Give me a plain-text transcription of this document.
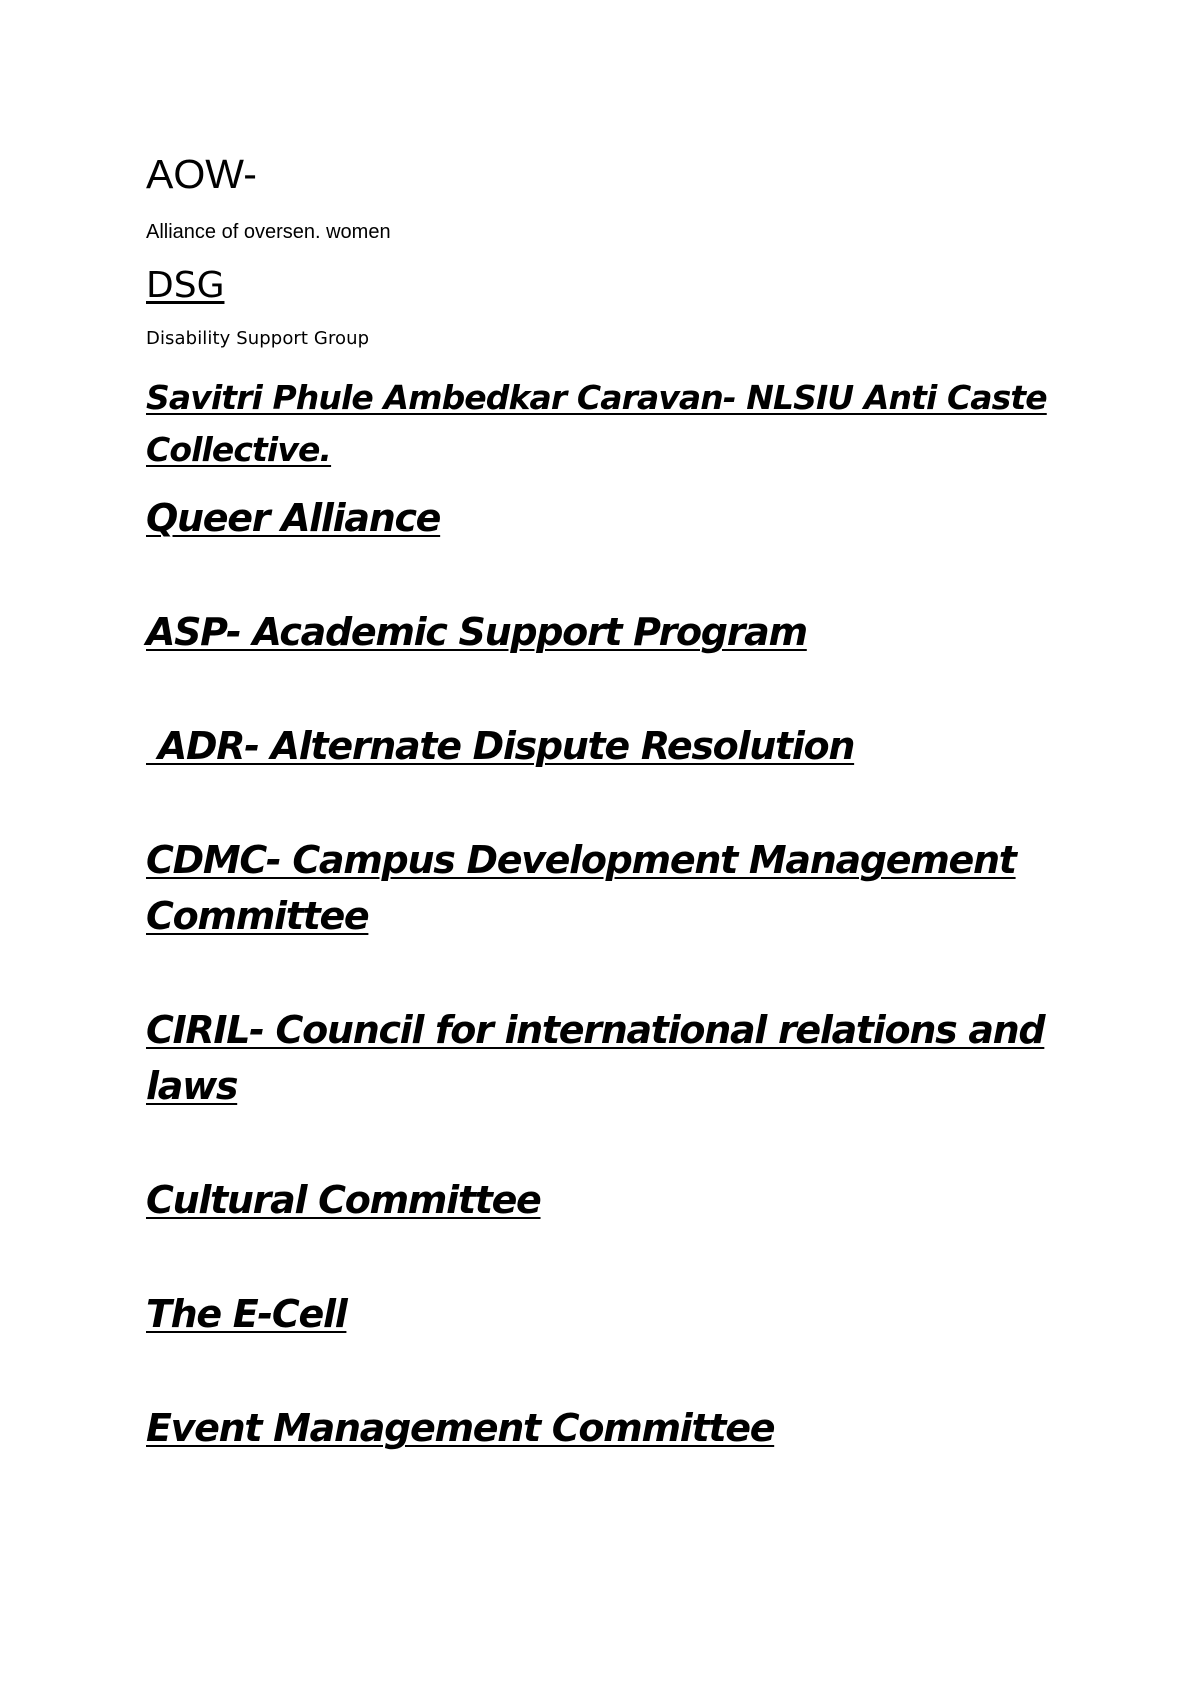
AOW-

Alliance of oversen. women

DSG

Disability Support Group

Savitri Phule Ambedkar Caravan- NLSIU Anti Caste Collective.
Queer Alliance
ASP- Academic Support Program
ADR- Alternate Dispute Resolution
CDMC- Campus Development Management Committee
CIRIL- Council for international relations and laws
Cultural Committee
The E-Cell
Event Management Committee
